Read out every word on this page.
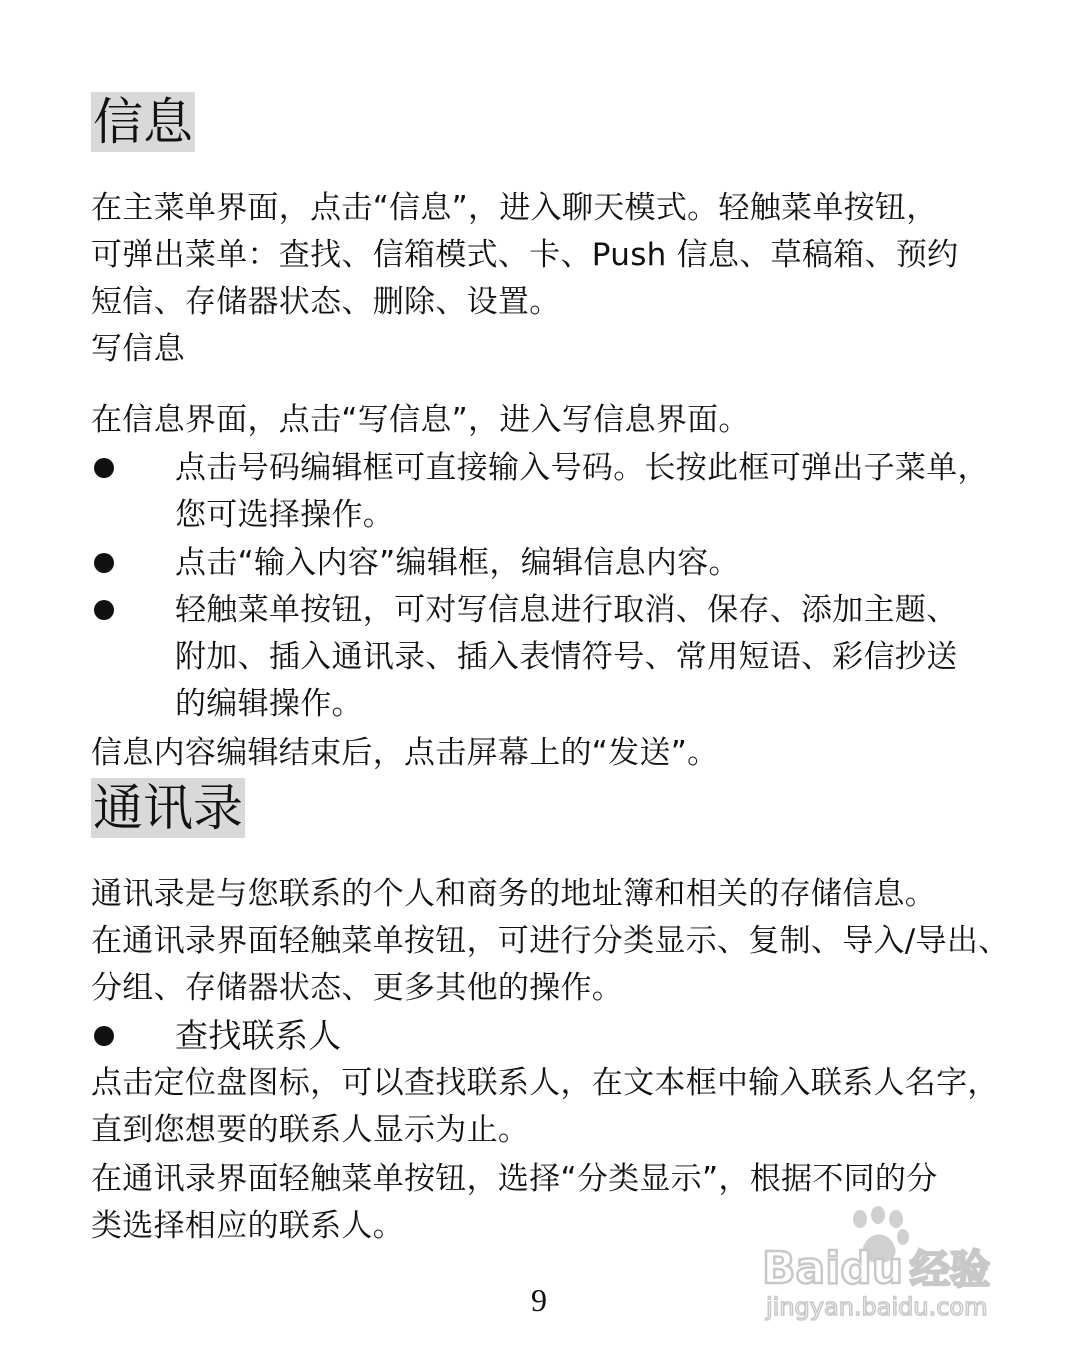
信息
在主菜单界面，点击“信息”，进入聊天模式。轻触菜单按钮，
可弹出菜单：查找、信箱模式、卡、Push 信息、草稿箱、预约
短信、存储器状态、删除、设置。
写信息
在信息界面，点击“写信息”，进入写信息界面。
点击号码编辑框可直接输入号码。长按此框可弹出子菜单，
您可选择操作。
点击“输入内容”编辑框，编辑信息内容。
轻触菜单按钮，可对写信息进行取消、保存、添加主题、
附加、插入通讯录、插入表情符号、常用短语、彩信抄送
的编辑操作。
信息内容编辑结束后，点击屏幕上的“发送”。
通讯录
通讯录是与您联系的个人和商务的地址簿和相关的存储信息。
在通讯录界面轻触菜单按钮，可进行分类显示、复制、导入/导出、
分组、存储器状态、更多其他的操作。
查找联系人
点击定位盘图标，可以查找联系人，在文本框中输入联系人名字，
直到您想要的联系人显示为止。
在通讯录界面轻触菜单按钮，选择“分类显示”，根据不同的分
类选择相应的联系人。
9
Baidu 经验
jingyan.baidu.com
